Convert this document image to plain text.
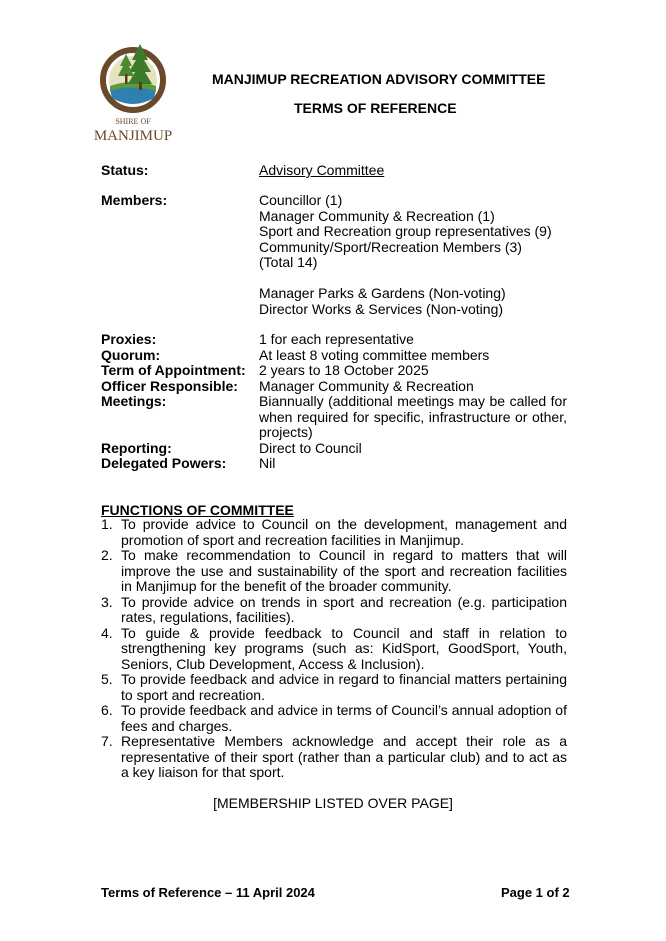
SHIRE OF
MANJIMUP
MANJIMUP RECREATION ADVISORY COMMITTEE
TERMS OF REFERENCE
Status:	Advisory Committee
Members:	Councillor (1)
Manager Community & Recreation (1)
Sport and Recreation group representatives (9)
Community/Sport/Recreation Members (3)
(Total 14)
Manager Parks & Gardens (Non-voting)
Director Works & Services (Non-voting)
Proxies:	1 for each representative
Quorum:	At least 8 voting committee members
Term of Appointment: 2 years to 18 October 2025
Officer Responsible: Manager Community & Recreation
Meetings:	Biannually (additional meetings may be called for when required for specific, infrastructure or other, projects)
Reporting:	Direct to Council
Delegated Powers: Nil
FUNCTIONS OF COMMITTEE
1. To provide advice to Council on the development, management and promotion of sport and recreation facilities in Manjimup.
2. To make recommendation to Council in regard to matters that will improve the use and sustainability of the sport and recreation facilities in Manjimup for the benefit of the broader community.
3. To provide advice on trends in sport and recreation (e.g. participation rates, regulations, facilities).
4. To guide & provide feedback to Council and staff in relation to strengthening key programs (such as: KidSport, GoodSport, Youth, Seniors, Club Development, Access & Inclusion).
5. To provide feedback and advice in regard to financial matters pertaining to sport and recreation.
6. To provide feedback and advice in terms of Council’s annual adoption of fees and charges.
7. Representative Members acknowledge and accept their role as a representative of their sport (rather than a particular club) and to act as a key liaison for that sport.
[MEMBERSHIP LISTED OVER PAGE]
Terms of Reference – 11 April 2024	Page 1 of 2
